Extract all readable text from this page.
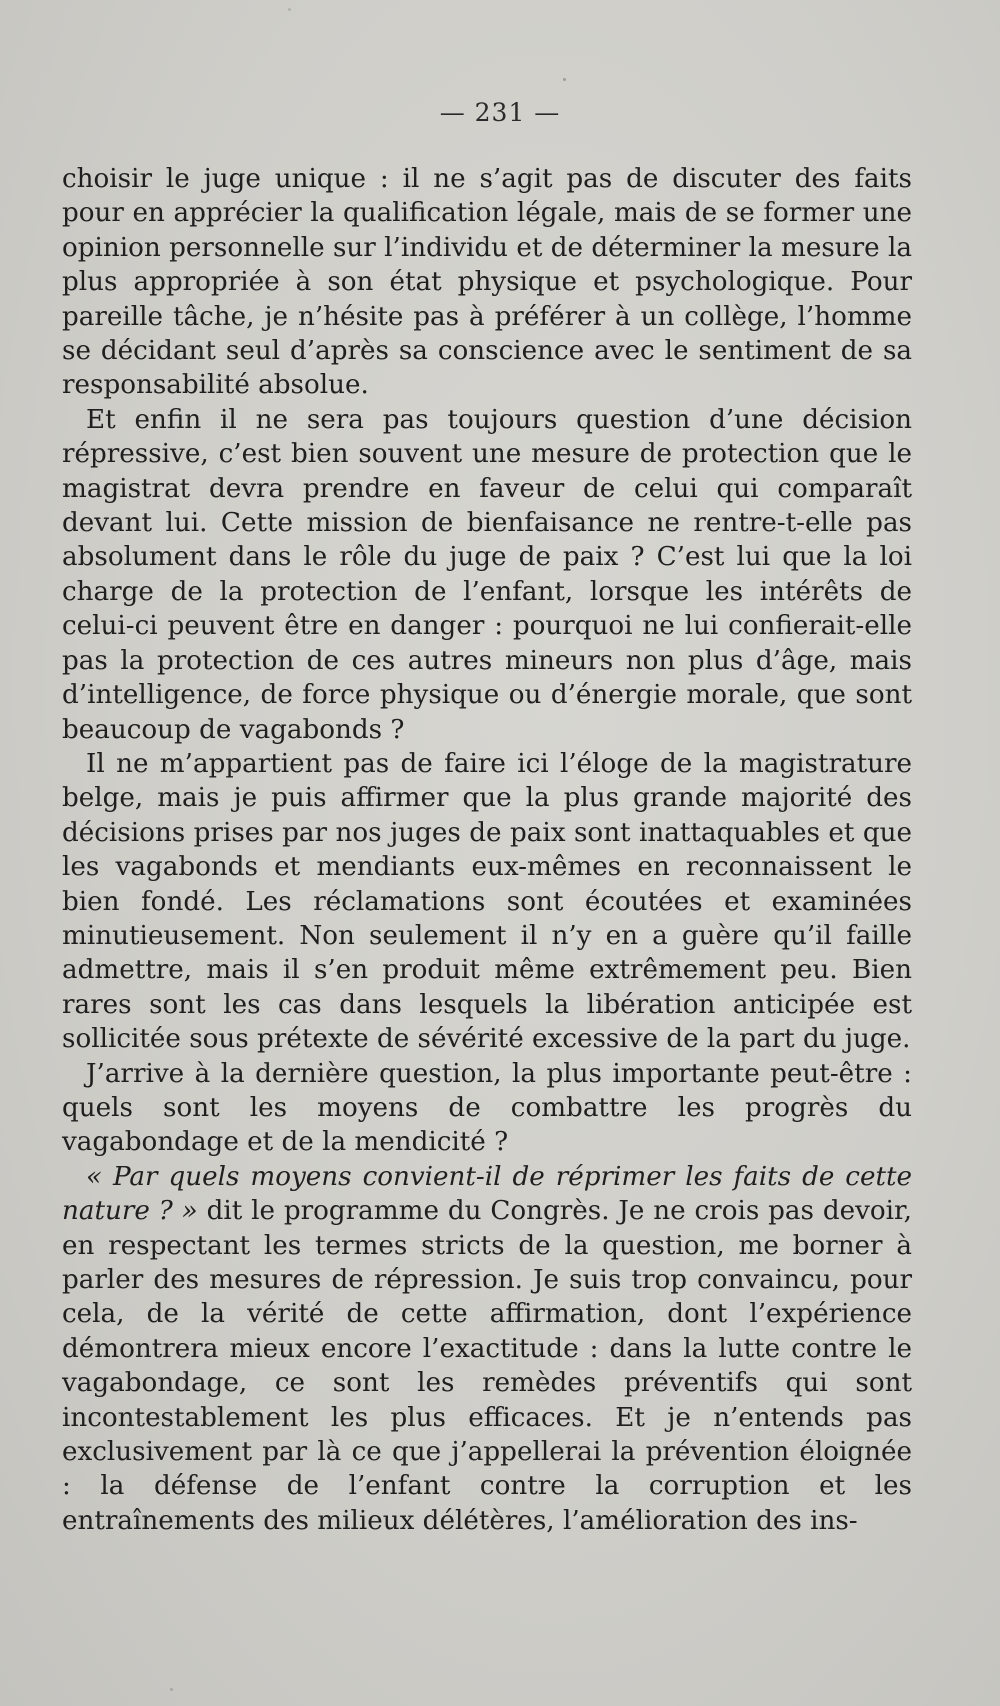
— 231 —

choisir le juge unique : il ne s’agit pas de discuter des faits pour en apprécier la qualification légale, mais de se former une opinion personnelle sur l’individu et de déterminer la mesure la plus appropriée à son état physique et psychologique. Pour pareille tâche, je n’hésite pas à préférer à un collège, l’homme se décidant seul d’après sa conscience avec le sentiment de sa responsabilité absolue.

Et enfin il ne sera pas toujours question d’une décision répressive, c’est bien souvent une mesure de protection que le magistrat devra prendre en faveur de celui qui comparaît devant lui. Cette mission de bienfaisance ne rentre-t-elle pas absolument dans le rôle du juge de paix ? C’est lui que la loi charge de la protection de l’enfant, lorsque les intérêts de celui-ci peuvent être en danger : pourquoi ne lui confierait-elle pas la protection de ces autres mineurs non plus d’âge, mais d’intelligence, de force physique ou d’énergie morale, que sont beaucoup de vagabonds ?

Il ne m’appartient pas de faire ici l’éloge de la magistrature belge, mais je puis affirmer que la plus grande majorité des décisions prises par nos juges de paix sont inattaquables et que les vagabonds et mendiants eux-mêmes en reconnaissent le bien fondé. Les réclamations sont écoutées et examinées minutieusement. Non seulement il n’y en a guère qu’il faille admettre, mais il s’en produit même extrêmement peu. Bien rares sont les cas dans lesquels la libération anticipée est sollicitée sous prétexte de sévérité excessive de la part du juge.

J’arrive à la dernière question, la plus importante peut-être : quels sont les moyens de combattre les progrès du vagabondage et de la mendicité ?

« Par quels moyens convient-il de réprimer les faits de cette nature ? » dit le programme du Congrès. Je ne crois pas devoir, en respectant les termes stricts de la question, me borner à parler des mesures de répression. Je suis trop convaincu, pour cela, de la vérité de cette affirmation, dont l’expérience démontrera mieux encore l’exactitude : dans la lutte contre le vagabondage, ce sont les remèdes préventifs qui sont incontestablement les plus efficaces. Et je n’entends pas exclusivement par là ce que j’appellerai la prévention éloignée : la défense de l’enfant contre la corruption et les entraînements des milieux délétères, l’amélioration des ins-
